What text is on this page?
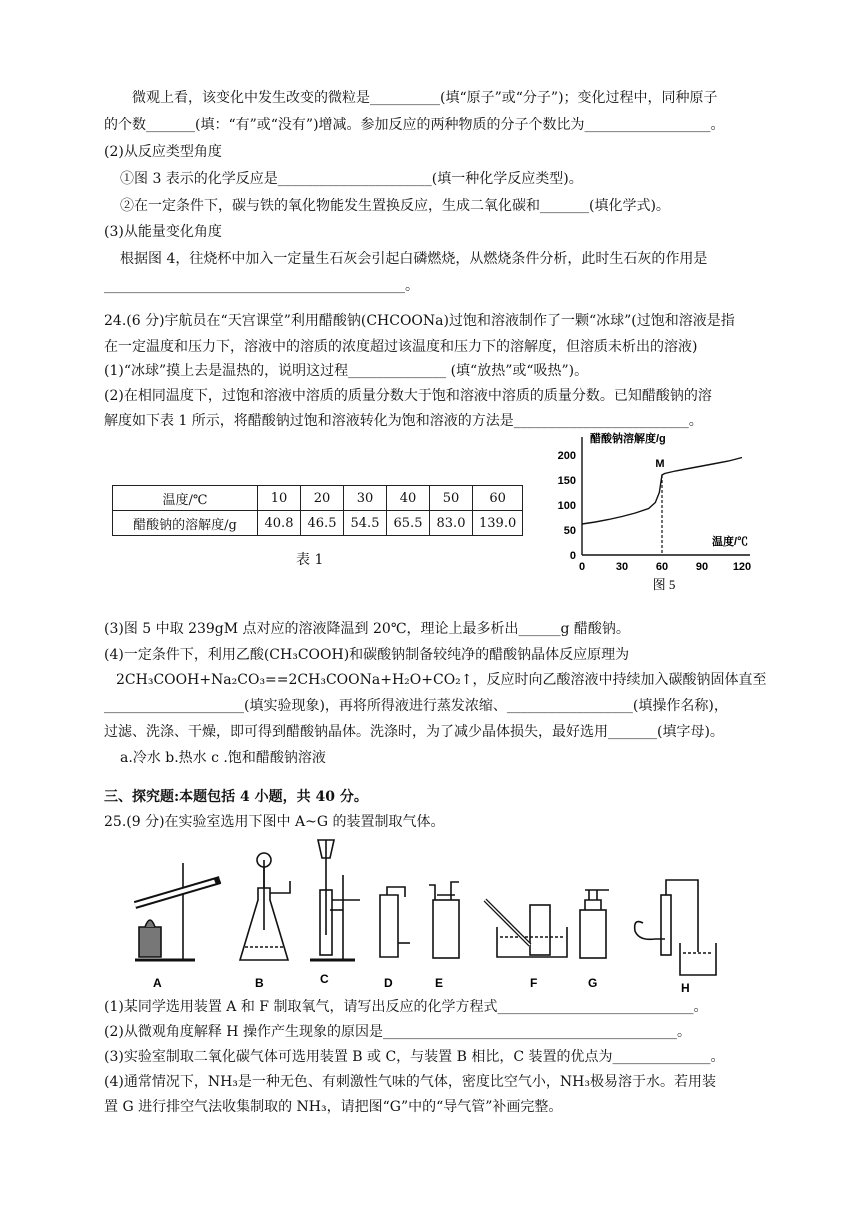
微观上看，该变化中发生改变的微粒是__________(填“原子”或“分子”)；变化过程中，同种原子
的个数_______(填：“有”或“没有”)增减。参加反应的两种物质的分子个数比为__________________。
(2)从反应类型角度
①图 3 表示的化学反应是______________________(填一种化学反应类型)。
②在一定条件下，碳与铁的氧化物能发生置换反应，生成二氧化碳和_______(填化学式)。
(3)从能量变化角度
根据图 4，往烧杯中加入一定量生石灰会引起白磷燃烧，从燃烧条件分析，此时生石灰的作用是
___________________________________________。
24.(6 分)宇航员在“天宫课堂”利用醋酸钠(CHCOONa)过饱和溶液制作了一颗“冰球”(过饱和溶液是指
在一定温度和压力下，溶液中的溶质的浓度超过该温度和压力下的溶解度，但溶质未析出的溶液)
(1)“冰球”摸上去是温热的，说明这过程______________ (填“放热”或“吸热”)。
(2)在相同温度下，过饱和溶液中溶质的质量分数大于饱和溶液中溶质的质量分数。已知醋酸钠的溶
解度如下表 1 所示，将醋酸钠过饱和溶液转化为饱和溶液的方法是_________________________。
温度/℃	10	20	30	40	50	60
醋酸钠的溶解度/g	40.8	46.5	54.5	65.5	83.0	139.0
表 1
醋酸钠溶解度/g
温度/℃
0
50
100
150
200
0	30	60	90 120
M
图 5
(3)图 5 中取 239gM 点对应的溶液降温到 20℃，理论上最多析出______g 醋酸钠。
(4)一定条件下，利用乙酸(CH₃COOH)和碳酸钠制备较纯净的醋酸钠晶体反应原理为
2CH₃COOH+Na₂CO₃==2CH₃COONa+H₂O+CO₂↑，反应时向乙酸溶液中持续加入碳酸钠固体直至
____________________(填实验现象)，再将所得液进行蒸发浓缩、__________________(填操作名称)，
过滤、洗涤、干燥，即可得到醋酸钠晶体。洗涤时，为了减少晶体损失，最好选用_______(填字母)。
a.冷水 b.热水 c .饱和醋酸钠溶液
三、探究题:本题包括 4 小题，共 40 分。
25.(9 分)在实验室选用下图中 A~G 的装置制取气体。
A	B	C	D	E	F	G	H
(1)某同学选用装置 A 和 F 制取氧气，请写出反应的化学方程式____________________________。
(2)从微观角度解释 H 操作产生现象的原因是__________________________________________。
(3)实验室制取二氧化碳气体可选用装置 B 或 C，与装置 B 相比，C 装置的优点为______________。
(4)通常情况下，NH₃是一种无色、有刺激性气味的气体，密度比空气小，NH₃极易溶于水。若用装
置 G 进行排空气法收集制取的 NH₃，请把图“G”中的“导气管”补画完整。
